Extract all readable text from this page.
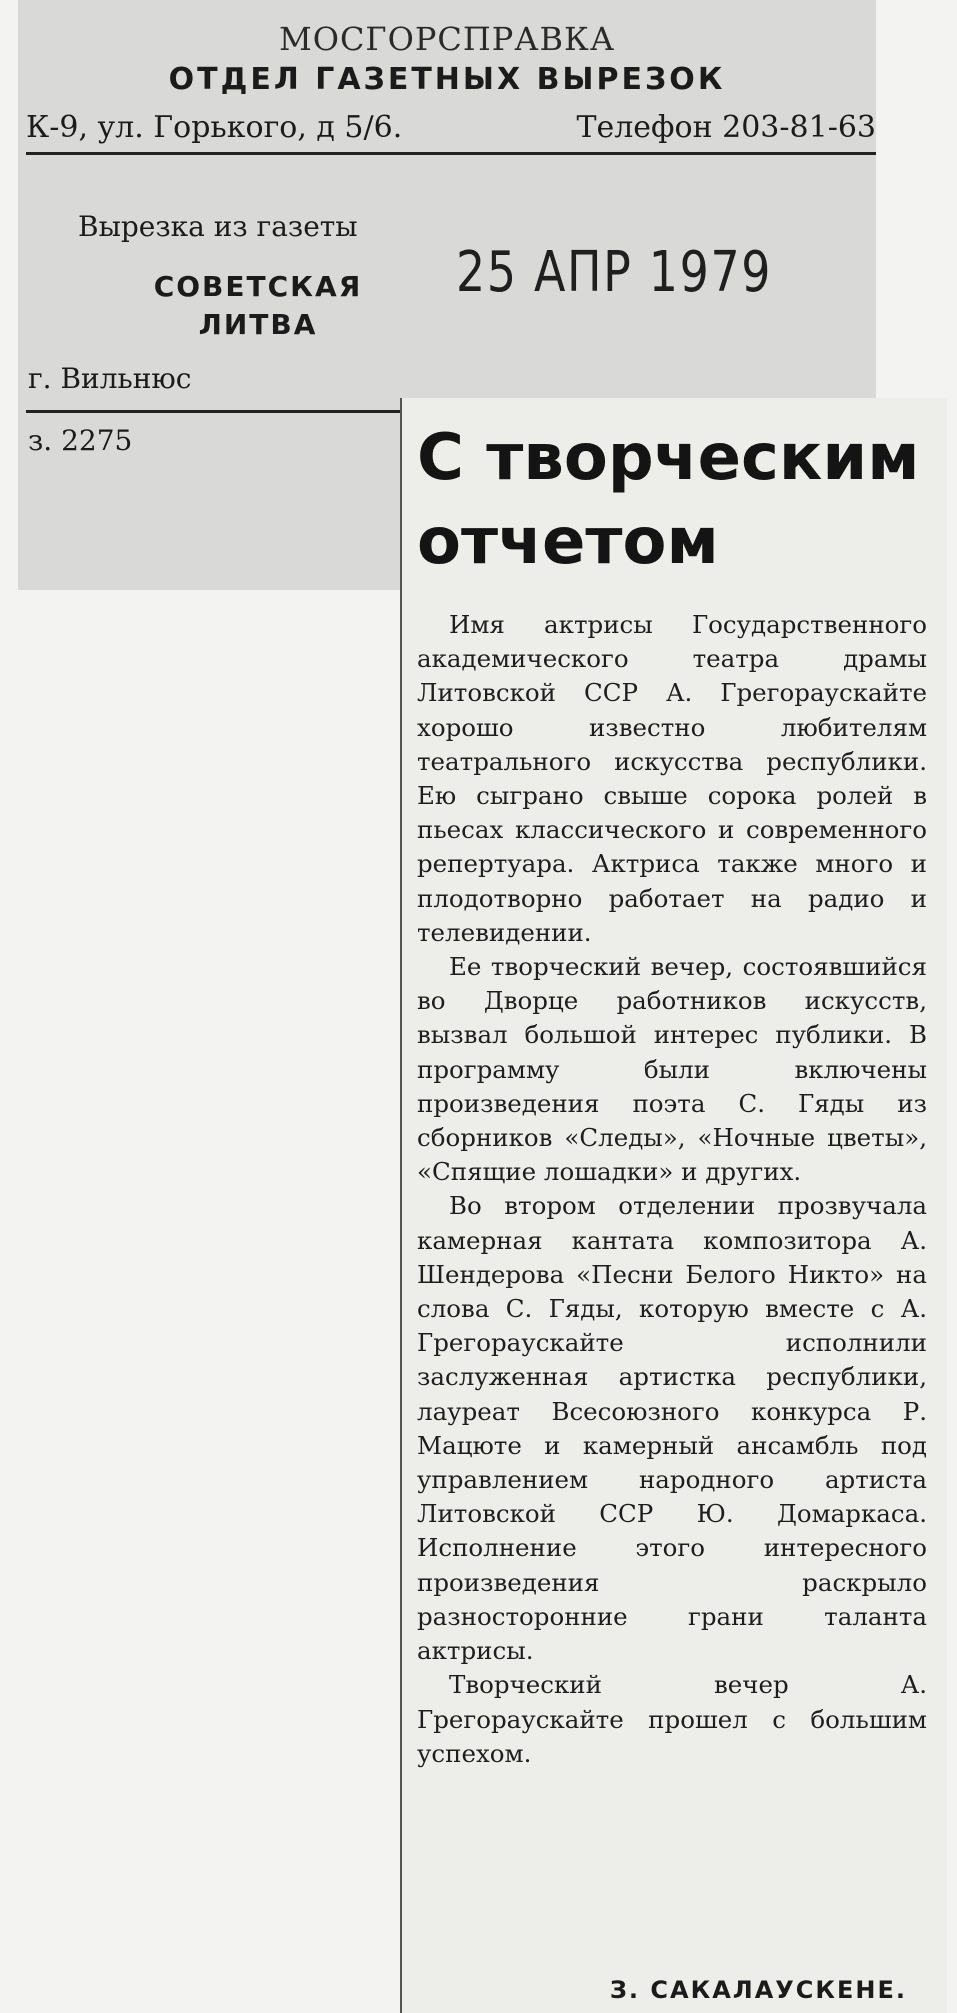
МОСГОРСПРАВКА
ОТДЕЛ ГАЗЕТНЫХ ВЫРЕЗОК
К-9, ул. Горького, д 5/6.	Телефон 203-81-63
Вырезка из газеты
СОВЕТСКАЯ ЛИТВА
г. Вильнюс
з. 2275
25 АПР 1979
С творческим отчетом

Имя актрисы Государственного академического театра драмы Литовской ССР А. Грегораускайте хорошо известно любителям театрального искусства республики. Ею сыграно свыше сорока ролей в пьесах классического и современного репертуара. Актриса также много и плодотворно работает на радио и телевидении.

Ее творческий вечер, состоявшийся во Дворце работников искусств, вызвал большой интерес публики. В программу были включены произведения поэта С. Гяды из сборников «Следы», «Ночные цветы», «Спящие лошадки» и других.

Во втором отделении прозвучала камерная кантата композитора А. Шендерова «Песни Белого Никто» на слова С. Гяды, которую вместе с А. Грегораускайте исполнили заслуженная артистка республики, лауреат Всесоюзного конкурса Р. Мацюте и камерный ансамбль под управлением народного артиста Литовской ССР Ю. Домаркаса. Исполнение этого интересного произведения раскрыло разносторонние грани таланта актрисы.

Творческий вечер А. Грегораускайте прошел с большим успехом.

З. САКАЛАУСКЕНЕ.
